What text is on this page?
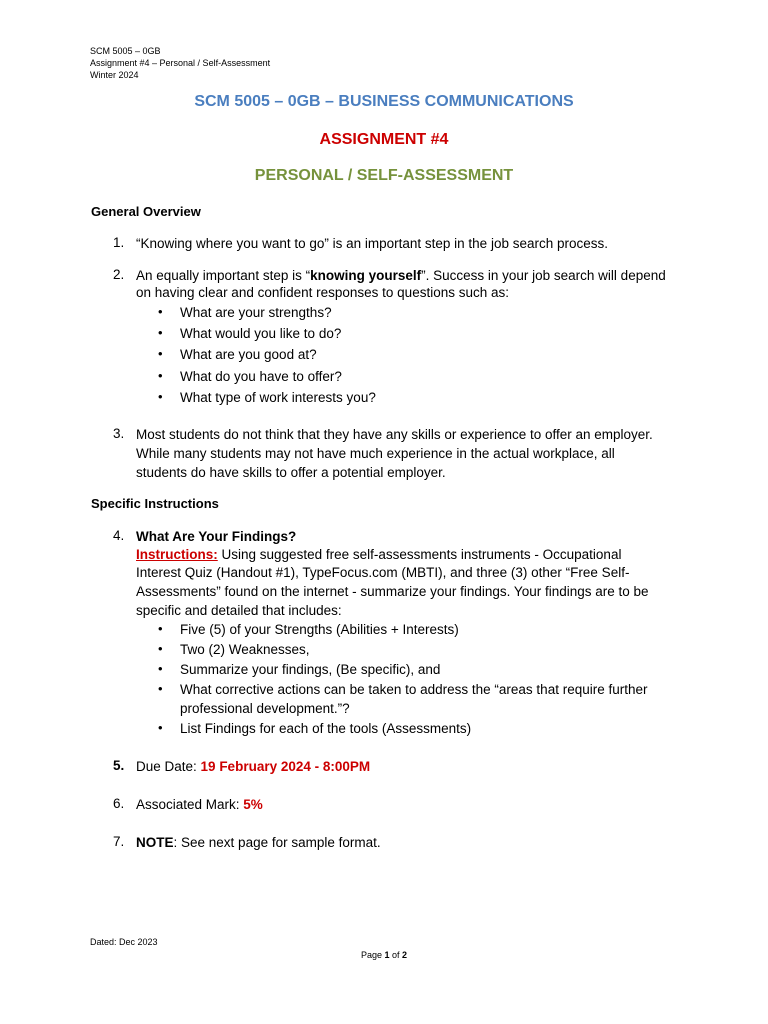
SCM 5005 – 0GB
Assignment #4 – Personal / Self-Assessment
Winter 2024
SCM 5005 – 0GB – BUSINESS COMMUNICATIONS
ASSIGNMENT #4
PERSONAL / SELF-ASSESSMENT
General Overview
1. “Knowing where you want to go” is an important step in the job search process.
2. An equally important step is “knowing yourself”. Success in your job search will depend
on having clear and confident responses to questions such as:
• What are your strengths?
• What would you like to do?
• What are you good at?
• What do you have to offer?
• What type of work interests you?
3. Most students do not think that they have any skills or experience to offer an employer.
While many students may not have much experience in the actual workplace, all
students do have skills to offer a potential employer.
Specific Instructions
4. What Are Your Findings?
Instructions: Using suggested free self-assessments instruments - Occupational
Interest Quiz (Handout #1), TypeFocus.com (MBTI), and three (3) other “Free Self-
Assessments” found on the internet - summarize your findings. Your findings are to be
specific and detailed that includes:
• Five (5) of your Strengths (Abilities + Interests)
• Two (2) Weaknesses,
• Summarize your findings, (Be specific), and
• What corrective actions can be taken to address the “areas that require further
professional development.”?
• List Findings for each of the tools (Assessments)
5. Due Date: 19 February 2024 - 8:00PM
6. Associated Mark: 5%
7. NOTE: See next page for sample format.
Dated: Dec 2023
Page 1 of 2
